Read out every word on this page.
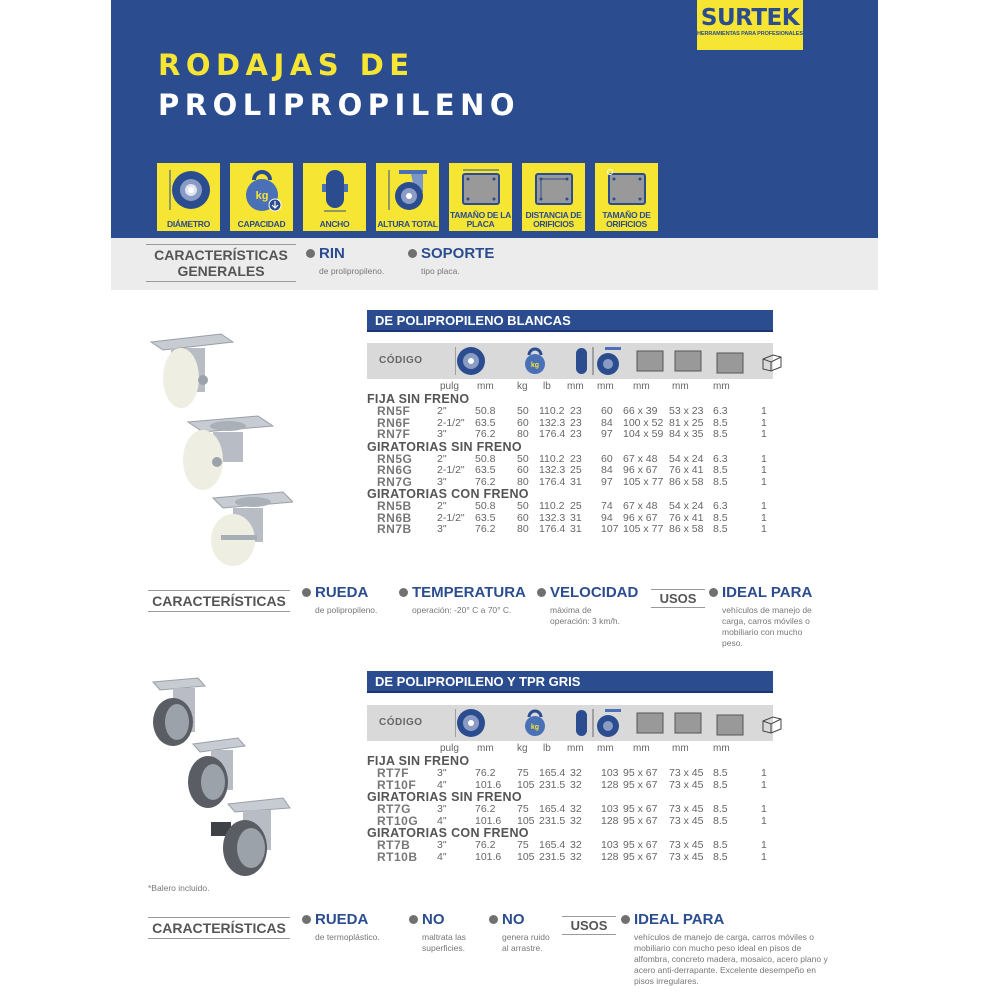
SURTEK
HERRAMIENTAS PARA PROFESIONALES
RODAJAS DE
PROLIPROPILENO
DIÁMETRO
kg
CAPACIDAD	ANCHO	ALTURA TOTAL
TAMAÑO DE LA PLACA
DISTANCIA DE ORIFICIOS
TAMAÑO DE ORIFICIOS
CARACTERÍSTICAS
GENERALES
RIN
de prolipropileno.
SOPORTE
tipo placa.
DE POLIPROPILENO BLANCAS
CÓDIGO	kg
pulg mm kg lb mm mm mm mm mm
FIJA SIN FRENO
RN5F	2"	50.8 50 110.2 23 60 66 x 39 53 x 23 6.3	1
RN6F	2-1/2" 63.5 60 132.3 23 84 100 x 52 81 x 25 8.5	1
RN7F	3"	76.2 80 176.4 23 97 104 x 59 84 x 35 8.5	1
GIRATORIAS SIN FRENO
RN5G 2"	50.8 50 110.2 23 60 67 x 48 54 x 24 6.3	1
RN6G 2-1/2" 63.5 60 132.3 25 84 96 x 67 76 x 41 8.5	1
RN7G 3"	76.2 80 176.4 31 97 105 x 77 86 x 58 8.5	1
GIRATORIAS CON FRENO
RN5B 2"	50.8 50 110.2 25 74 67 x 48 54 x 24 6.3	1
RN6B 2-1/2" 63.5 60 132.3 31 94 96 x 67 76 x 41 8.5	1
RN7B 3"	76.2 80 176.4 31 107 105 x 77 86 x 58 8.5	1
CARACTERÍSTICAS	RUEDA
de polipropileno.
TEMPERATURA
operación: -20° C a 70° C.
VELOCIDAD
máxima de operación: 3 km/h.
USOS	IDEAL PARA
vehículos de manejo de carga, carros móviles o mobiliario con mucho peso.
*Balero incluido.
DE POLIPROPILENO Y TPR GRIS
CÓDIGO	kg
pulg mm kg lb mm mm mm mm mm
FIJA SIN FRENO
RT7F	3"	76.2 75 165.4 32 103 95 x 67 73 x 45 8.5	1
RT10F 4"	101.6 105 231.5 32 128 95 x 67 73 x 45 8.5	1
GIRATORIAS SIN FRENO
RT7G 3"	76.2 75 165.4 32 103 95 x 67 73 x 45 8.5	1
RT10G 4"	101.6 105 231.5 32 128 95 x 67 73 x 45 8.5	1
GIRATORIAS CON FRENO
RT7B	3"	76.2 75 165.4 32 103 95 x 67 73 x 45 8.5	1
RT10B 4"	101.6 105 231.5 32 128 95 x 67 73 x 45 8.5	1
CARACTERÍSTICAS	RUEDA
de termoplástico.
NO
maltrata las superficies.
NO
genera ruido al arrastre.
USOS	IDEAL PARA
vehículos de manejo de carga, carros móviles o mobiliario con mucho peso ideal en pisos de alfombra, concreto madera, mosaico, acero plano y acero anti-derrapante. Excelente desempeño en pisos irregulares.
